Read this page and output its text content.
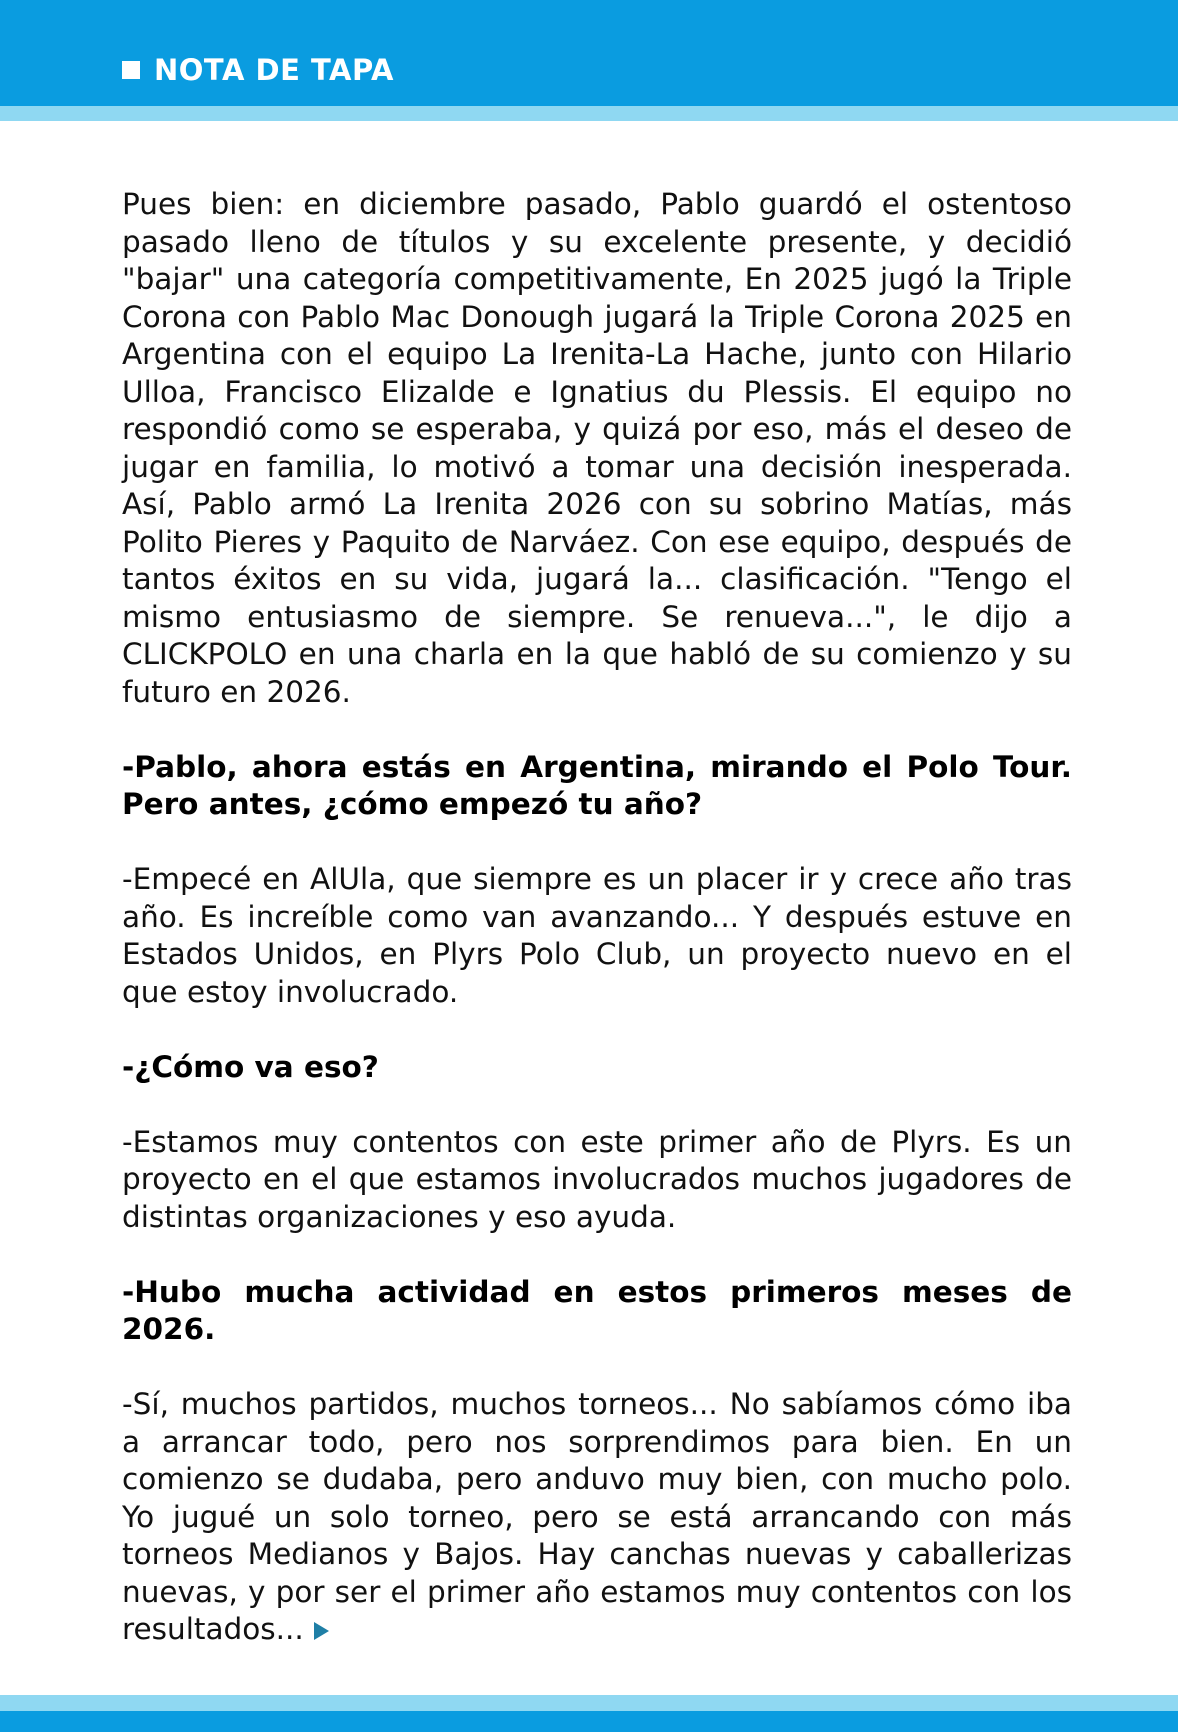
NOTA DE TAPA

Pues bien: en diciembre pasado, Pablo guardó el ostentoso pasado lleno de títulos y su excelente presente, y decidió "bajar" una categoría competitivamente, En 2025 jugó la Triple Corona con Pablo Mac Donough jugará la Triple Corona 2025 en Argentina con el equipo La Irenita-La Hache, junto con Hilario Ulloa, Francisco Elizalde e Ignatius du Plessis. El equipo no respondió como se esperaba, y quizá por eso, más el deseo de jugar en familia, lo motivó a tomar una decisión inesperada. Así, Pablo armó La Irenita 2026 con su sobrino Matías, más Polito Pieres y Paquito de Narváez. Con ese equipo, después de tantos éxitos en su vida, jugará la... clasificación. "Tengo el mismo entusiasmo de siempre. Se renueva...", le dijo a CLICKPOLO en una charla en la que habló de su comienzo y su futuro en 2026.

-Pablo, ahora estás en Argentina, mirando el Polo Tour. Pero antes, ¿cómo empezó tu año?

-Empecé en AlUla, que siempre es un placer ir y crece año tras año. Es increíble como van avanzando... Y después estuve en Estados Unidos, en Plyrs Polo Club, un proyecto nuevo en el que estoy involucrado.

-¿Cómo va eso?

-Estamos muy contentos con este primer año de Plyrs. Es un proyecto en el que estamos involucrados muchos jugadores de distintas organizaciones y eso ayuda.

-Hubo mucha actividad en estos primeros meses de 2026.

-Sí, muchos partidos, muchos torneos... No sabíamos cómo iba a arrancar todo, pero nos sorprendimos para bien. En un comienzo se dudaba, pero anduvo muy bien, con mucho polo. Yo jugué un solo torneo, pero se está arrancando con más torneos Medianos y Bajos. Hay canchas nuevas y caballerizas nuevas, y por ser el primer año estamos muy contentos con los resultados...
